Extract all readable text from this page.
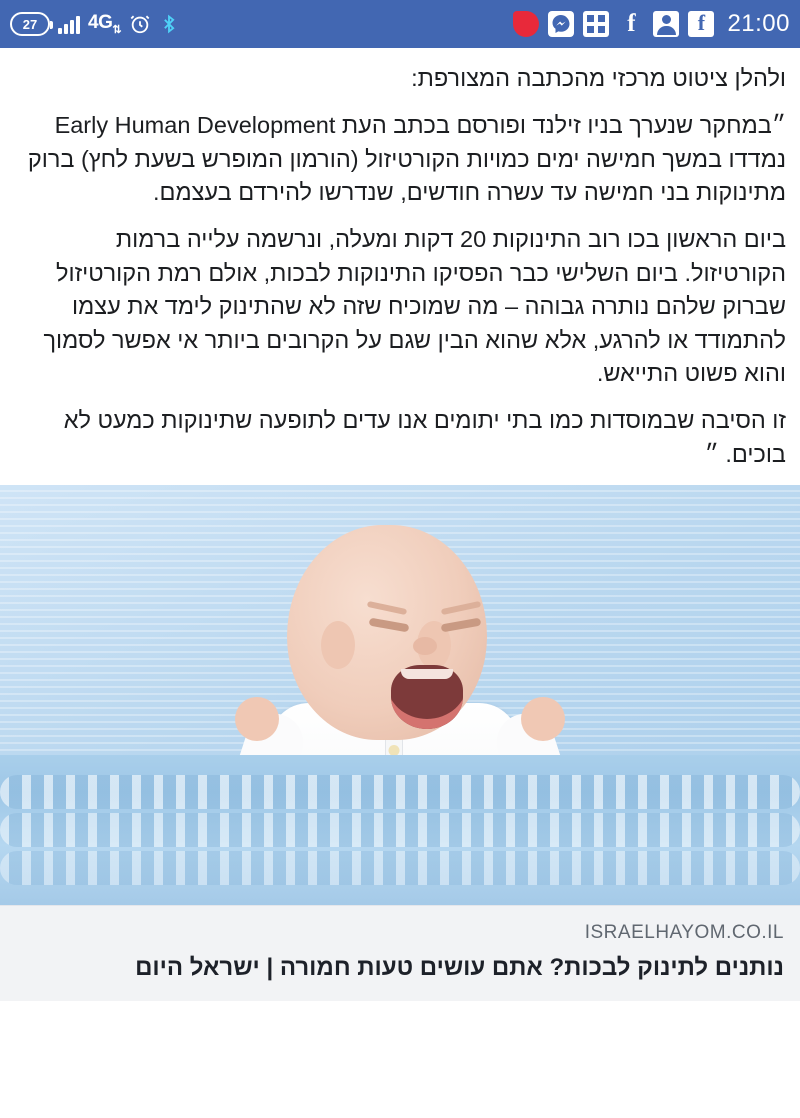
27	$4G_⇅$	f	f 21:00

ולהלן ציטוט מרכזי מהכתבה המצורפת:

״במחקר שנערך בניו זילנד ופורסם בכתב העת Early Human Development נמדדו במשך חמישה ימים כמויות הקורטיזול (הורמון המופרש בשעת לחץ) ברוק מתינוקות בני חמישה עד עשרה חודשים, שנדרשו להירדם בעצמם.

ביום הראשון בכו רוב התינוקות 20 דקות ומעלה, ונרשמה עלייה ברמות הקורטיזול. ביום השלישי כבר הפסיקו התינוקות לבכות, אולם רמת הקורטיזול שברוק שלהם נותרה גבוהה – מה שמוכיח שזה לא שהתינוק לימד את עצמו להתמודד או להרגע, אלא שהוא הבין שגם על הקרובים ביותר אי אפשר לסמוך והוא פשוט התייאש.

זו הסיבה שבמוסדות כמו בתי יתומים אנו עדים לתופעה שתינוקות כמעט לא בוכים. ״

ISRAELHAYOM.CO.IL
נותנים לתינוק לבכות? אתם עושים טעות חמורה | ישראל היום
